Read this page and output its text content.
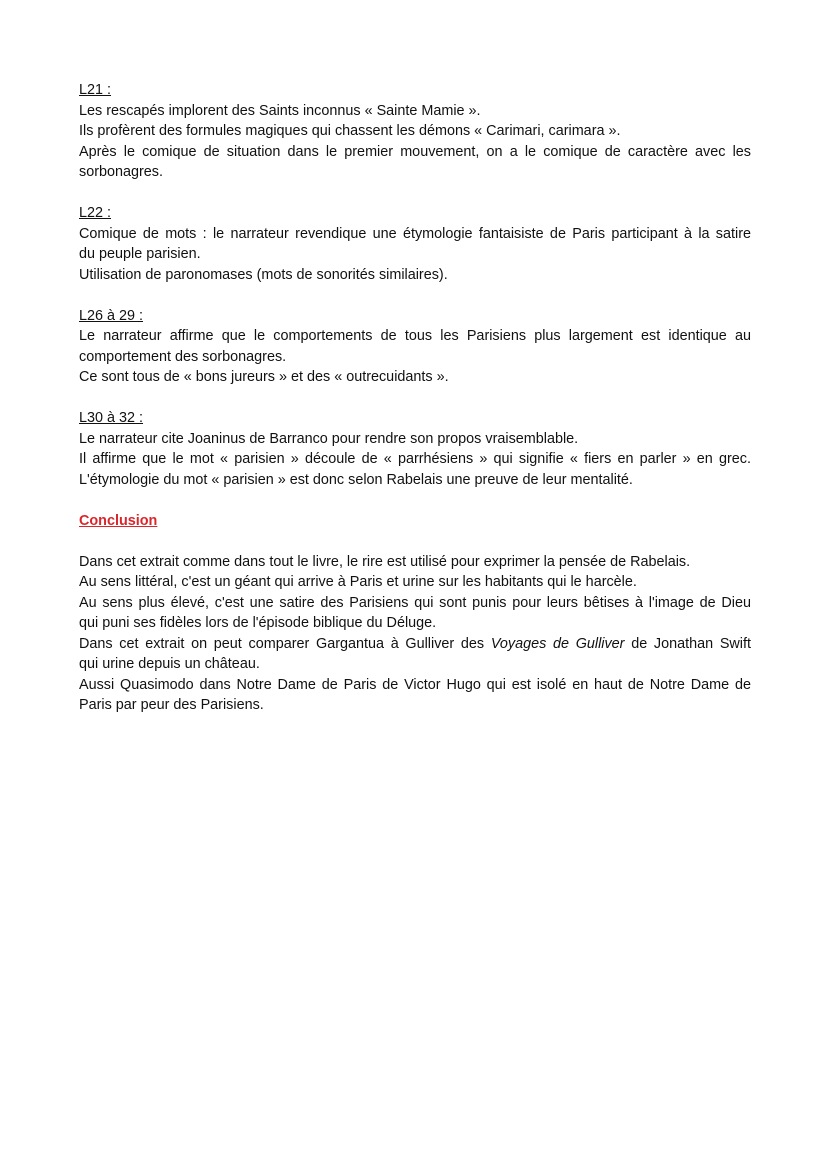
L21 :
Les rescapés implorent des Saints inconnus « Sainte Mamie ».
Ils profèrent des formules magiques qui chassent les démons « Carimari, carimara ».
Après le comique de situation dans le premier mouvement, on a le comique de caractère avec les
sorbonagres.
L22 :
Comique de mots : le narrateur revendique une étymologie fantaisiste de Paris participant à la satire
du peuple parisien.
Utilisation de paronomases (mots de sonorités similaires).
L26 à 29 :
Le narrateur affirme que le comportements de tous les Parisiens plus largement est identique au
comportement des sorbonagres.
Ce sont tous de « bons jureurs » et des « outrecuidants ».
L30 à 32 :
Le narrateur cite Joaninus de Barranco pour rendre son propos vraisemblable.
Il affirme que le mot « parisien » découle de « parrhésiens » qui signifie « fiers en parler » en grec.
L'étymologie du mot « parisien » est donc selon Rabelais une preuve de leur mentalité.
Conclusion
Dans cet extrait comme dans tout le livre, le rire est utilisé pour exprimer la pensée de Rabelais.
Au sens littéral, c'est un géant qui arrive à Paris et urine sur les habitants qui le harcèle.
Au sens plus élevé, c'est une satire des Parisiens qui sont punis pour leurs bêtises à l'image de Dieu
qui puni ses fidèles lors de l'épisode biblique du Déluge.
Dans cet extrait on peut comparer Gargantua à Gulliver des Voyages de Gulliver de Jonathan Swift
qui urine depuis un château.
Aussi Quasimodo dans Notre Dame de Paris de Victor Hugo qui est isolé en haut de Notre Dame de
Paris par peur des Parisiens.
